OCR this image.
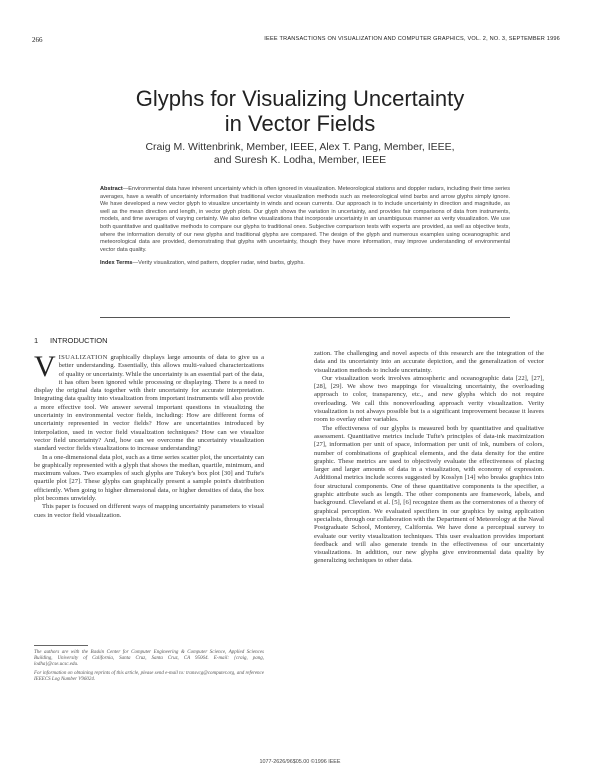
266	IEEE TRANSACTIONS ON VISUALIZATION AND COMPUTER GRAPHICS, VOL. 2, NO. 3, SEPTEMBER 1996
Glyphs for Visualizing Uncertainty
in Vector Fields
Craig M. Wittenbrink, Member, IEEE, Alex T. Pang, Member, IEEE,
and Suresh K. Lodha, Member, IEEE

Abstract—Environmental data have inherent uncertainty which is often ignored in visualization. Meteorological stations and doppler radars, including their time series averages, have a wealth of uncertainty information that traditional vector visualization methods such as meteorological wind barbs and arrow glyphs simply ignore. We have developed a new vector glyph to visualize uncertainty in winds and ocean currents. Our approach is to include uncertainty in direction and magnitude, as well as the mean direction and length, in vector glyph plots. Our glyph shows the variation in uncertainty, and provides fair comparisons of data from instruments, models, and time averages of varying certainty. We also define visualizations that incorporate uncertainty in an unambiguous manner as verity visualization. We use both quantitative and qualitative methods to compare our glyphs to traditional ones. Subjective comparison tests with experts are provided, as well as objective tests, where the information density of our new glyphs and traditional glyphs are compared. The design of the glyph and numerous examples using oceanographic and meteorological data are provided, demonstrating that glyphs with uncertainty, though they have more information, may improve understanding of environmental vector data quality.

Index Terms—Verity visualization, wind pattern, doppler radar, wind barbs, glyphs.

1 INTRODUCTION

VISUALIZATION graphically displays large amounts of data to give us a better understanding. Essentially, this allows multi-valued characterizations of quality or uncertainty. While the uncertainty is an essential part of the data, it has often been ignored while processing or displaying. There is a need to display the original data together with their uncertainty for accurate interpretation. Integrating data quality into visualization from important instruments will also provide a more effective tool. We answer several important questions in visualizing the uncertainty in environmental vector fields, including: How are different forms of uncertainty represented in vector fields? How are uncertainties introduced by interpolation, used in vector field visualization techniques? How can we visualize vector field uncertainty? And, how can we overcome the uncertainty visualization standard vector fields visualizations to increase understanding?

In a one-dimensional data plot, such as a time series scatter plot, the uncertainty can be graphically represented with a glyph that shows the median, quartile, minimum, and maximum values. Two examples of such glyphs are Tukey's box plot [30] and Tufte's quartile plot [27]. These glyphs can graphically present a sample point's distribution efficiently. When going to higher dimensional data, or higher densities of data, the box plot becomes unwieldy.

This paper is focused on different ways of mapping uncertainty parameters to visual cues in vector field visualization.

The authors are with the Baskin Center for Computer Engineering & Computer Science, Applied Sciences Building, University of California, Santa Cruz, Santa Cruz, CA 95064. E-mail: {craig, pang, lodha}@cse.ucsc.edu.

For information on obtaining reprints of this article, please send e-mail to: transvcg@computer.org, and reference IEEECS Log Number V96024.

zation. The challenging and novel aspects of this research are the integration of the data and its uncertainty into an accurate depiction, and the generalization of vector visualization methods to include uncertainty.

Our visualization work involves atmospheric and oceanographic data [22], [27], [28], [29]. We show two mappings for visualizing uncertainty, the overloading approach to color, transparency, etc., and new glyphs which do not require overloading. We call this nonoverloading approach verity visualization. Verity visualization is not always possible but is a significant improvement because it leaves room to overlay other variables.

The effectiveness of our glyphs is measured both by quantitative and qualitative assessment. Quantitative metrics include Tufte's principles of data-ink maximization [27], information per unit of space, information per unit of ink, numbers of colors, number of combinations of graphical elements, and the data density for the entire graphic. These metrics are used to objectively evaluate the effectiveness of placing larger and larger amounts of data in a visualization, with economy of expression. Additional metrics include scores suggested by Kosslyn [14] who breaks graphics into four structural components. One of these quantitative components is the specifier, a graphic attribute such as length. The other components are framework, labels, and background. Cleveland et al. [5], [6] recognize them as the cornerstones of a theory of graphical perception. We evaluated specifiers in our graphics by using application specialists, through our collaboration with the Department of Meteorology at the Naval Postgraduate School, Monterey, California. We have done a perceptual survey to evaluate our verity visualization techniques. This user evaluation provides important feedback and will also generate trends in the effectiveness of our uncertainty visualizations. In addition, our new glyphs give environmental data quality by generalizing techniques to other data.

1077-2626/96$05.00 ©1996 IEEE
